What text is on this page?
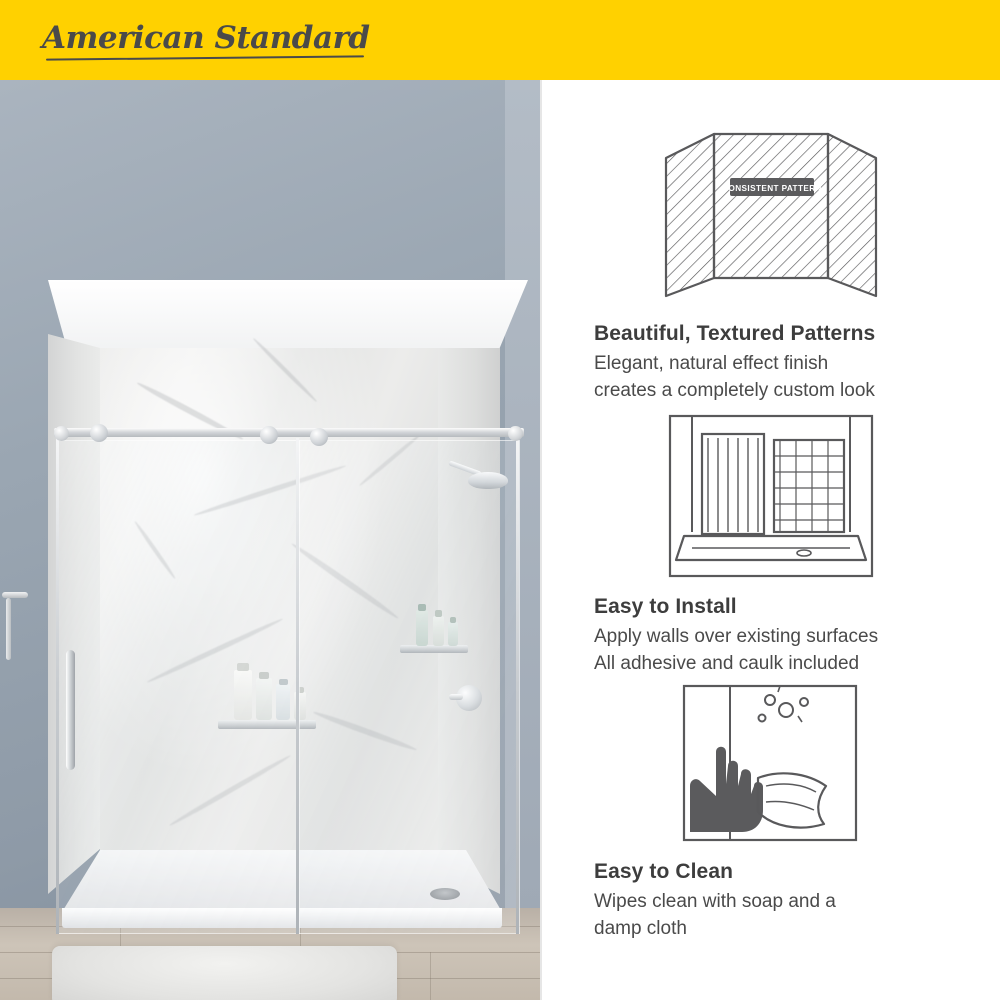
American Standard
CONSISTENT PATTERN
Beautiful, Textured Patterns
Elegant, natural effect finish
creates a completely custom look
Easy to Install
Apply walls over existing surfaces
All adhesive and caulk included
Easy to Clean
Wipes clean with soap and a
damp cloth
